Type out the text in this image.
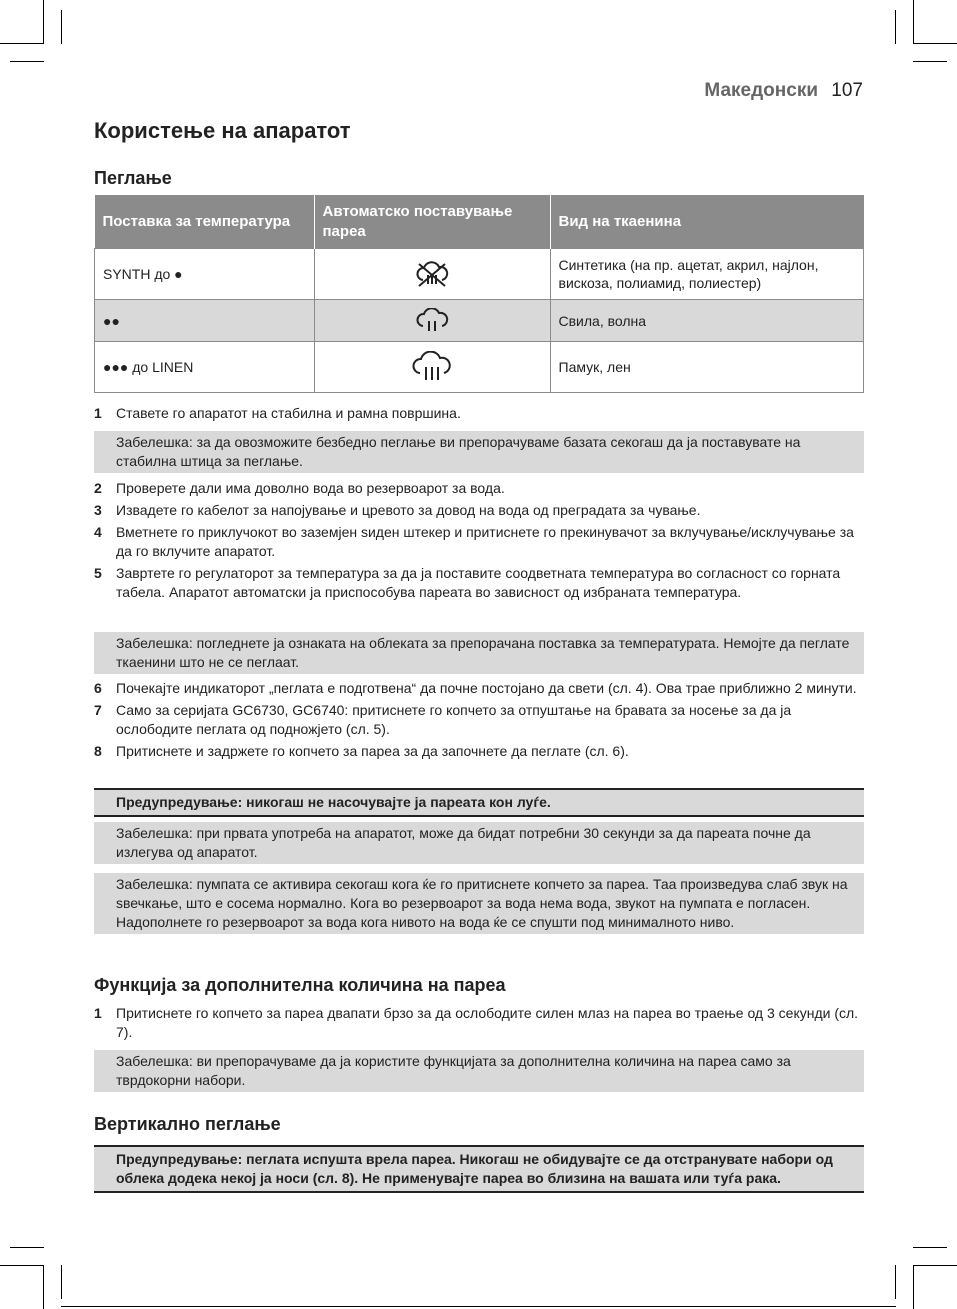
Македонски 107
Користење на апаратот
Пеглање
Поставка за температура	Автоматско поставување пареа	Вид на ткаенина
SYNTH до ●		Синтетика (на пр. ацетат, акрил, најлон, вискоза, полиамид, полиестер)
●●		Свила, волна
●●● до LINEN		Памук, лен
1 Ставете го апаратот на стабилна и рамна површина.
Забелешка: за да овозможите безбедно пеглање ви препорачуваме базата секогаш да ја поставувате на стабилна штица за пеглање.
2 Проверете дали има доволно вода во резервоарот за вода.
3 Извадете го кабелот за напојување и цревото за довод на вода од преградата за чување.
4 Вметнете го приклучокот во заземјен ѕиден штекер и притиснете го прекинувачот за вклучување/исклучување за да го вклучите апаратот.
5 Завртете го регулаторот за температура за да ја поставите соодветната температура во согласност со горната табела. Апаратот автоматски ја приспособува пареата во зависност од избраната температура.
Забелешка: погледнете ја ознаката на облеката за препорачана поставка за температурата. Немојте да пеглате ткаенини што не се пеглаат.
6 Почекајте индикаторот „пеглата е подготвена“ да почне постојано да свети (сл. 4). Ова трае приближно 2 минути.
7 Само за серијата GC6730, GC6740: притиснете го копчето за отпуштање на бравата за носење за да ја ослободите пеглата од подножјето (сл. 5).
8 Притиснете и задржете го копчето за пареа за да започнете да пеглате (сл. 6).
Предупредување: никогаш не насочувајте ја пареата кон луѓе.
Забелешка: при првата употреба на апаратот, може да бидат потребни 30 секунди за да пареата почне да излегува од апаратот.
Забелешка: пумпата се активира секогаш кога ќе го притиснете копчето за пареа. Таа произведува слаб звук на ѕвечкање, што е сосема нормално. Кога во резервоарот за вода нема вода, звукот на пумпата е погласен. Надополнете го резервоарот за вода кога нивото на вода ќе се спушти под минималното ниво.
Функција за дополнителна количина на пареа
1 Притиснете го копчето за пареа двапати брзо за да ослободите силен млаз на пареа во траење од 3 секунди (сл. 7).
Забелешка: ви препорачуваме да ја користите функцијата за дополнителна количина на пареа само за тврдокорни набори.
Вертикално пеглање
Предупредување: пеглата испушта врела пареа. Никогаш не обидувајте се да отстранувате набори од облека додека некој ја носи (сл. 8). Не применувајте пареа во близина на вашата или туѓа рака.
